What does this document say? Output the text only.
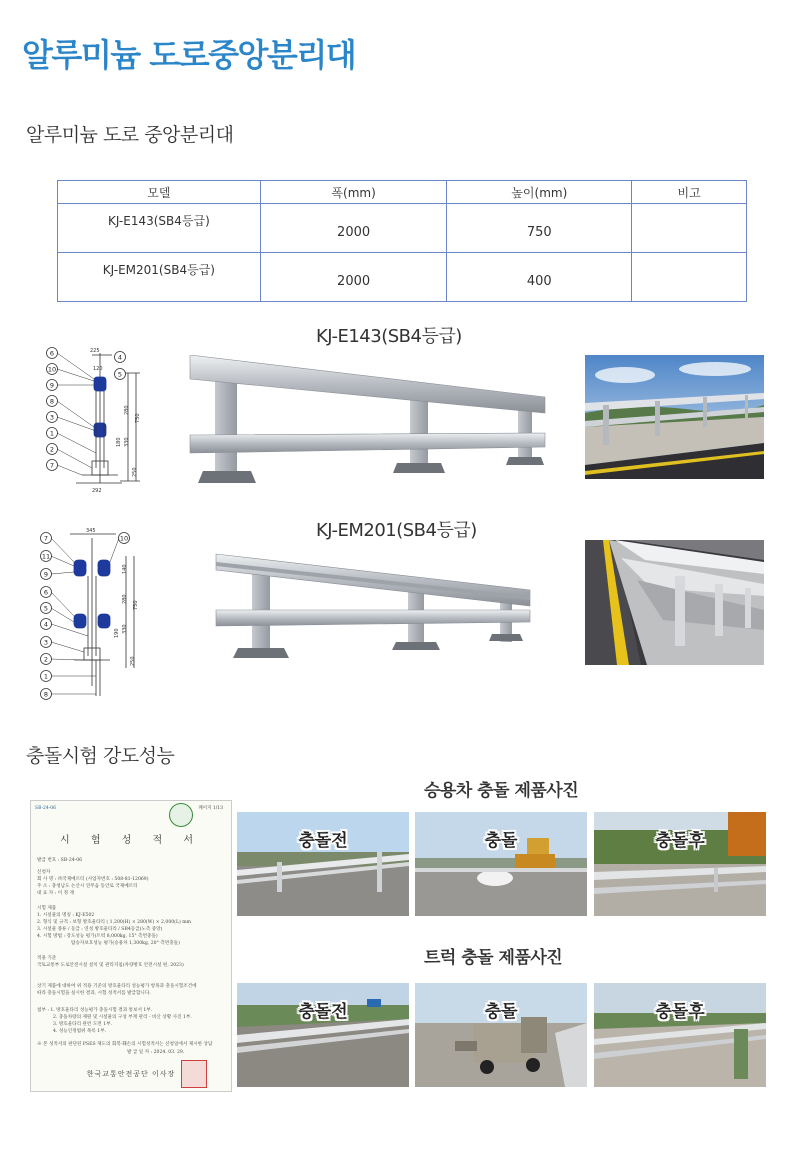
알루미늄 도로중앙분리대
알루미늄 도로 중앙분리대
모델	폭(mm)	높이(mm)	비고
KJ-E143(SB4등급)	2000	750	
KJ-EM201(SB4등급)	2000	400	
KJ-E143(SB4등급)
225
120
280
750
330
180
250
292
6
10
9
8
3
1
2
7
4
5
KJ-EM201(SB4등급)
345
140
280
750
330
190
250
7
11
9
6
5
4
3
2
1
8
10
충돌시험 강도성능
SB-24-06	페이지 1/13
시 험 성 적 서
발급 번호 : SB-24-06
신청자
회 사 명 : ㈜국제메르티 (사업자번호 : 508-81-12069)
주 소 : 충청남도 논산시 연무읍 동안로 국제메르티
대 표 자 : 이 정 재
시험 제품
1. 시설물의 명칭 : KJ-E502
2. 형식 및 규격 : 보형 방호울타리 ( 1,200(H) × 280(W) × 2,000(L) mm
3. 시설물 종류 / 등급 : 연성 방호울타리 / SB4등급(노측 중앙)
4. 시험 방법 : 강도성능 평가(트럭 8,000kg, 15° 측면충돌)
탑승자보호성능 평가(승용차 1,300kg, 20° 측면충돌)
적용 기준
국토교통부 도로안전시설 설치 및 관리지침(차량방호 안전시설 편, 2023)
상기 제품에 대하여 위 적용 기준의 방호울타리 성능평가 항목과 충돌시험조건에
따라 충돌시험을 실시한 결과, 시험 성적서를 발급합니다.
첨부 : 1. 방호울타리 성능평가 충돌시험 결과 통보서 1부.
2. 충돌차량의 제원 및 시설물의 구성 부재 관리 - 비산 상황 사진 1부.
3. 방호울타리 관련 도면 1부.
4. 성능인정범위 목록 1부.
※ 본 성적서의 판단된 PSES 제도의 회복·훼손의 시험성적서는 신청일에서 제시한 상담
발 급 일 자 : 2024. 03. 29.
한국교통안전공단 이사장
승용차 충돌 제품사진
충돌전	충돌	충돌후
트럭 충돌 제품사진
충돌전	충돌	충돌후
